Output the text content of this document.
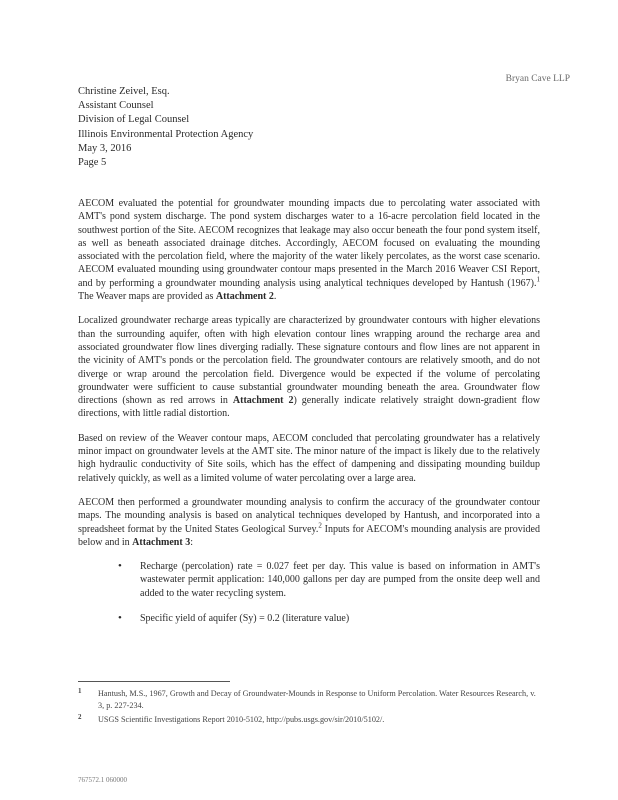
Bryan Cave LLP
Christine Zeivel, Esq.
Assistant Counsel
Division of Legal Counsel
Illinois Environmental Protection Agency
May 3, 2016
Page 5

AECOM evaluated the potential for groundwater mounding impacts due to percolating water associated with AMT's pond system discharge. The pond system discharges water to a 16-acre percolation field located in the southwest portion of the Site. AECOM recognizes that leakage may also occur beneath the four pond system itself, as well as beneath associated drainage ditches. Accordingly, AECOM focused on evaluating the mounding associated with the percolation field, where the majority of the water likely percolates, as the worst case scenario. AECOM evaluated mounding using groundwater contour maps presented in the March 2016 Weaver CSI Report, and by performing a groundwater mounding analysis using analytical techniques developed by Hantush (1967).$^1$ The Weaver maps are provided as Attachment 2.

Localized groundwater recharge areas typically are characterized by groundwater contours with higher elevations than the surrounding aquifer, often with high elevation contour lines wrapping around the recharge area and associated groundwater flow lines diverging radially. These signature contours and flow lines are not apparent in the vicinity of AMT's ponds or the percolation field. The groundwater contours are relatively smooth, and do not diverge or wrap around the percolation field. Divergence would be expected if the volume of percolating groundwater were sufficient to cause substantial groundwater mounding beneath the area. Groundwater flow directions (shown as red arrows in Attachment 2) generally indicate relatively straight down-gradient flow directions, with little radial distortion.

Based on review of the Weaver contour maps, AECOM concluded that percolating groundwater has a relatively minor impact on groundwater levels at the AMT site. The minor nature of the impact is likely due to the relatively high hydraulic conductivity of Site soils, which has the effect of dampening and dissipating mounding buildup relatively quickly, as well as a limited volume of water percolating over a large area.

AECOM then performed a groundwater mounding analysis to confirm the accuracy of the groundwater contour maps. The mounding analysis is based on analytical techniques developed by Hantush, and incorporated into a spreadsheet format by the United States Geological Survey.$^2$ Inputs for AECOM's mounding analysis are provided below and in Attachment 3:

• Recharge (percolation) rate = 0.027 feet per day. This value is based on information in AMT's wastewater permit application: 140,000 gallons per day are pumped from the onsite deep well and added to the water recycling system.
• Specific yield of aquifer (Sy) = 0.2 (literature value)
1 Hantush, M.S., 1967, Growth and Decay of Groundwater-Mounds in Response to Uniform Percolation. Water Resources Research, v. 3, p. 227-234.
2 USGS Scientific Investigations Report 2010-5102, http://pubs.usgs.gov/sir/2010/5102/.
767572.1 060000
